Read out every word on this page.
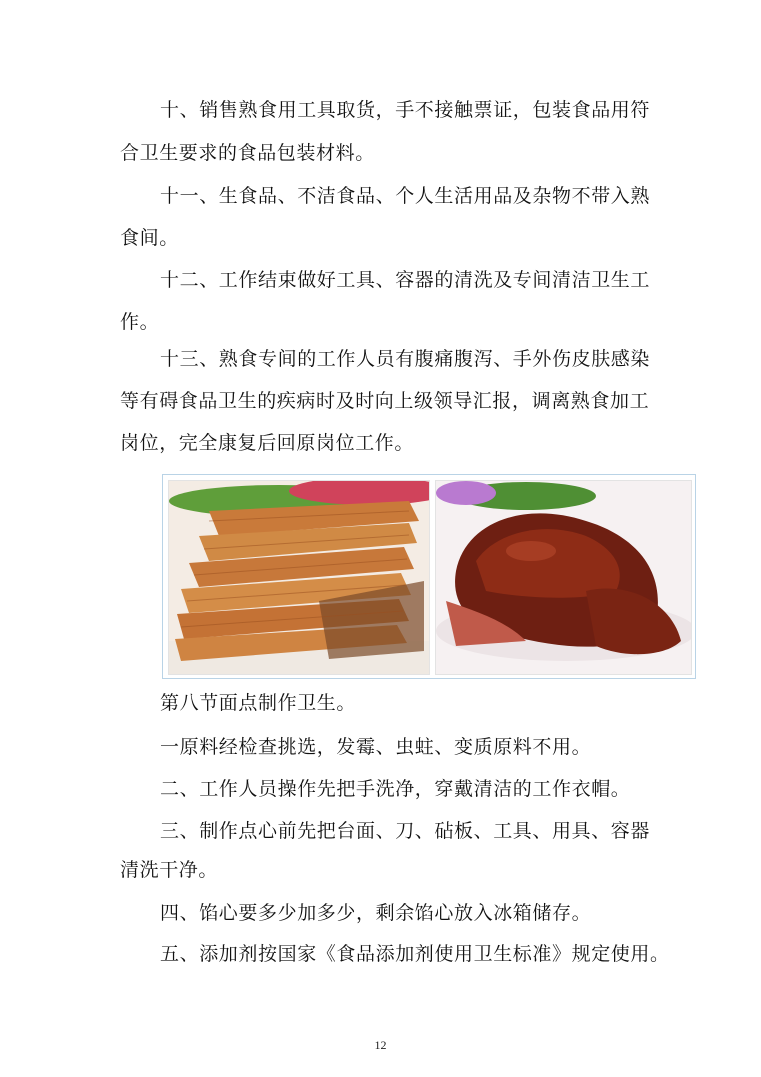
十、销售熟食用工具取货，手不接触票证，包装食品用符
合卫生要求的食品包装材料。
十一、生食品、不洁食品、个人生活用品及杂物不带入熟
食间。
十二、工作结束做好工具、容器的清洗及专间清洁卫生工
作。
十三、熟食专间的工作人员有腹痛腹泻、手外伤皮肤感染
等有碍食品卫生的疾病时及时向上级领导汇报，调离熟食加工
岗位，完全康复后回原岗位工作。
第八节面点制作卫生。
一原料经检查挑选，发霉、虫蛀、变质原料不用。
二、工作人员操作先把手洗净，穿戴清洁的工作衣帽。
三、制作点心前先把台面、刀、砧板、工具、用具、容器
清洗干净。
四、馅心要多少加多少，剩余馅心放入冰箱储存。
五、添加剂按国家《食品添加剂使用卫生标准》规定使用。
12
